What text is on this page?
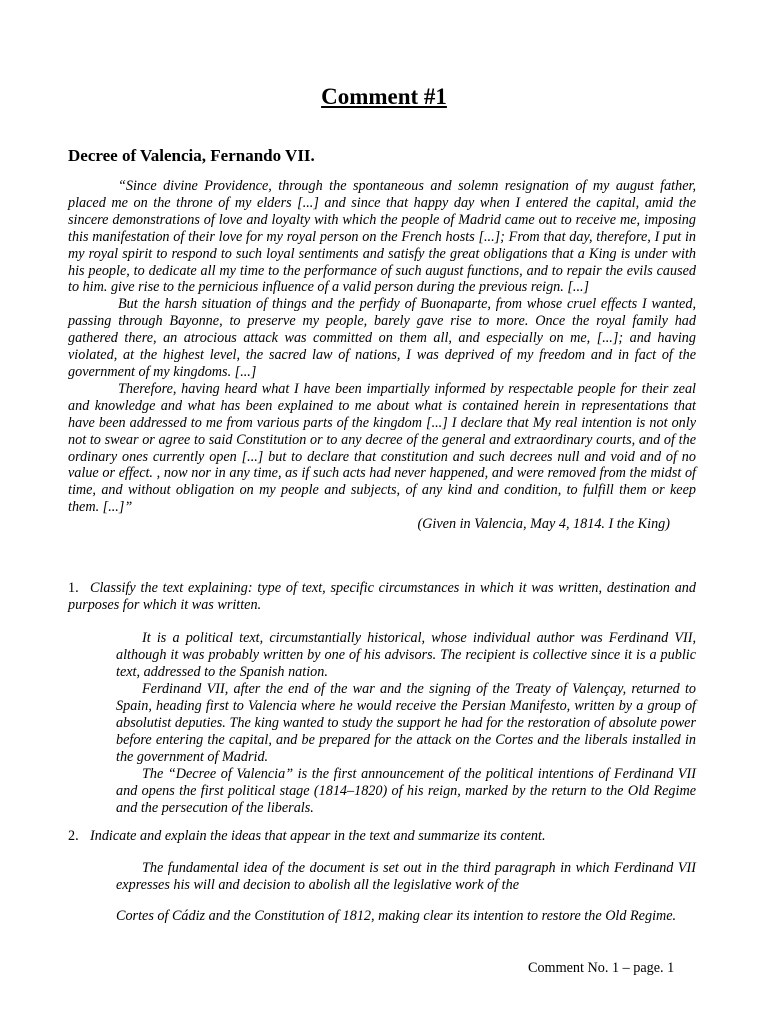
Comment #1
Decree of Valencia, Fernando VII.

“Since divine Providence, through the spontaneous and solemn resignation of my august father, placed me on the throne of my elders [...] and since that happy day when I entered the capital, amid the sincere demonstrations of love and loyalty with which the people of Madrid came out to receive me, imposing this manifestation of their love for my royal person on the French hosts [...]; From that day, therefore, I put in my royal spirit to respond to such loyal sentiments and satisfy the great obligations that a King is under with his people, to dedicate all my time to the performance of such august functions, and to repair the evils caused to him. give rise to the pernicious influence of a valid person during the previous reign. [...]

But the harsh situation of things and the perfidy of Buonaparte, from whose cruel effects I wanted, passing through Bayonne, to preserve my people, barely gave rise to more. Once the royal family had gathered there, an atrocious attack was committed on them all, and especially on me, [...]; and having violated, at the highest level, the sacred law of nations, I was deprived of my freedom and in fact of the government of my kingdoms. [...]

Therefore, having heard what I have been impartially informed by respectable people for their zeal and knowledge and what has been explained to me about what is contained herein in representations that have been addressed to me from various parts of the kingdom [...] I declare that My real intention is not only not to swear or agree to said Constitution or to any decree of the general and extraordinary courts, and of the ordinary ones currently open [...] but to declare that constitution and such decrees null and void and of no value or effect. , now nor in any time, as if such acts had never happened, and were removed from the midst of time, and without obligation on my people and subjects, of any kind and condition, to fulfill them or keep them. [...]”

(Given in Valencia, May 4, 1814. I the King)

1. Classify the text explaining: type of text, specific circumstances in which it was written, destination and purposes for which it was written.

It is a political text, circumstantially historical, whose individual author was Ferdinand VII, although it was probably written by one of his advisors. The recipient is collective since it is a public text, addressed to the Spanish nation.

Ferdinand VII, after the end of the war and the signing of the Treaty of Valençay, returned to Spain, heading first to Valencia where he would receive the Persian Manifesto, written by a group of absolutist deputies. The king wanted to study the support he had for the restoration of absolute power before entering the capital, and be prepared for the attack on the Cortes and the liberals installed in the government of Madrid.

The “Decree of Valencia” is the first announcement of the political intentions of Ferdinand VII and opens the first political stage (1814–1820) of his reign, marked by the return to the Old Regime and the persecution of the liberals.

2. Indicate and explain the ideas that appear in the text and summarize its content.

The fundamental idea of the document is set out in the third paragraph in which Ferdinand VII expresses his will and decision to abolish all the legislative work of the

Cortes of Cádiz and the Constitution of 1812, making clear its intention to restore the Old Regime.

Comment No. 1 – page. 1
